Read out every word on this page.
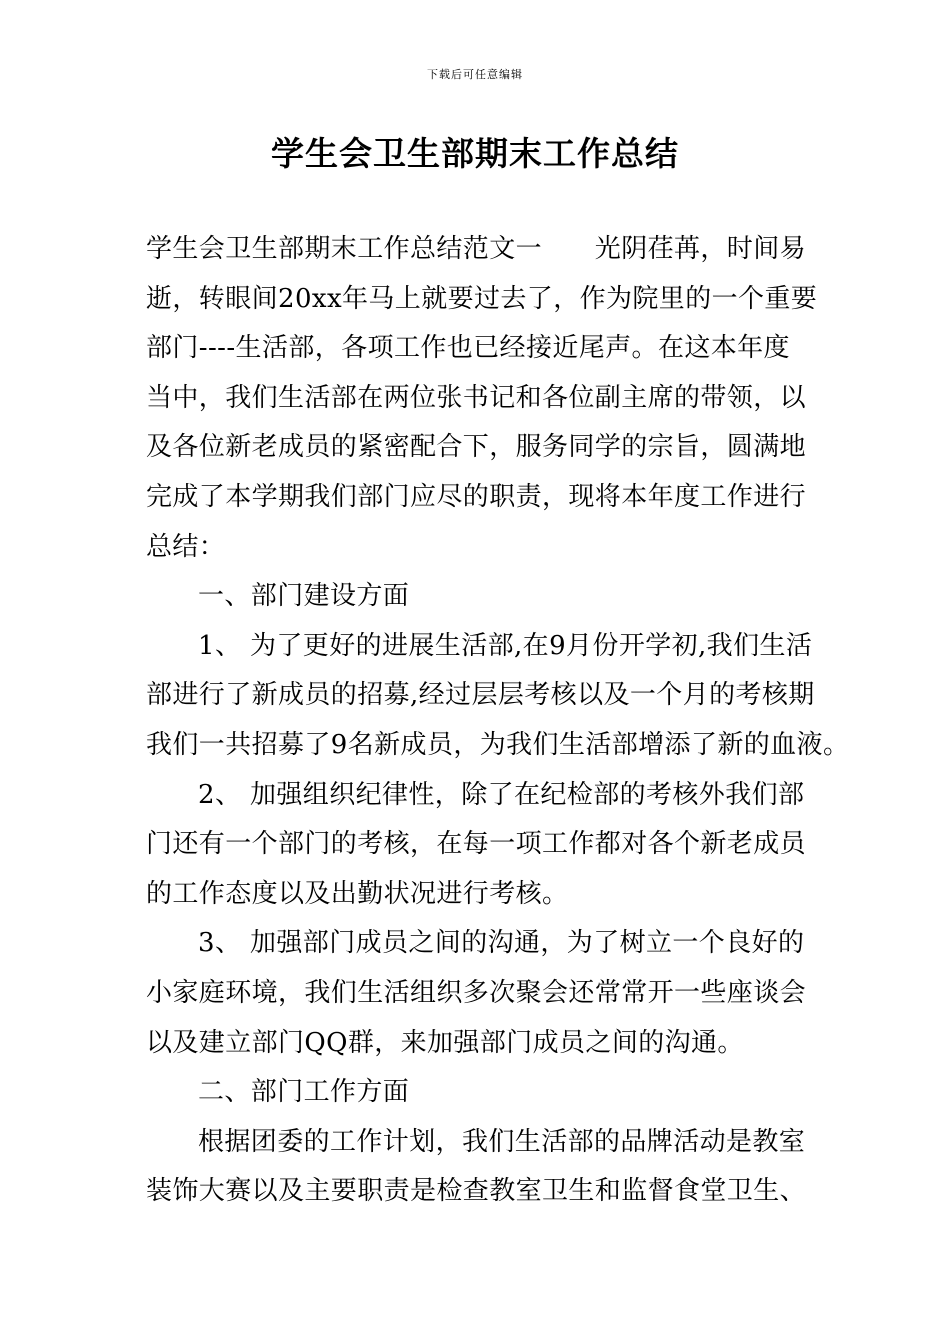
下载后可任意编辑
学生会卫生部期末工作总结
学生会卫生部期末工作总结范文一　　光阴荏苒，时间易
逝，转眼间20xx年马上就要过去了，作为院里的一个重要
部门----生活部，各项工作也已经接近尾声。在这本年度
当中，我们生活部在两位张书记和各位副主席的带领，以
及各位新老成员的紧密配合下，服务同学的宗旨，圆满地
完成了本学期我们部门应尽的职责，现将本年度工作进行
总结：
一、部门建设方面
1、 为了更好的进展生活部,在9月份开学初,我们生活
部进行了新成员的招募,经过层层考核以及一个月的考核期
我们一共招募了9名新成员，为我们生活部增添了新的血液。
2、 加强组织纪律性，除了在纪检部的考核外我们部
门还有一个部门的考核，在每一项工作都对各个新老成员
的工作态度以及出勤状况进行考核。
3、 加强部门成员之间的沟通，为了树立一个良好的
小家庭环境，我们生活组织多次聚会还常常开一些座谈会
以及建立部门QQ群，来加强部门成员之间的沟通。
二、部门工作方面
根据团委的工作计划，我们生活部的品牌活动是教室
装饰大赛以及主要职责是检查教室卫生和监督食堂卫生、
